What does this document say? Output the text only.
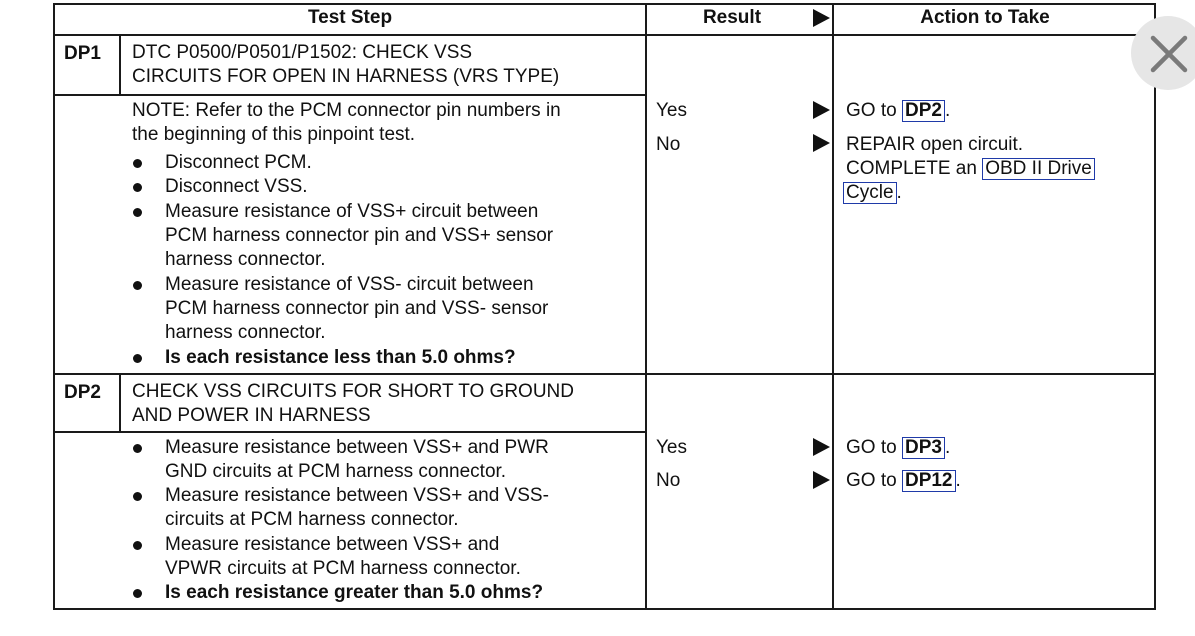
Test Step	Result	Action to Take
DP1 DTC P0500/P0501/P1502: CHECK VSS
CIRCUITS FOR OPEN IN HARNESS (VRS TYPE)
NOTE: Refer to the PCM connector pin numbers in
the beginning of this pinpoint test.
Disconnect PCM.
Disconnect VSS.
Measure resistance of VSS+ circuit between
PCM harness connector pin and VSS+ sensor
harness connector.
Measure resistance of VSS- circuit between
PCM harness connector pin and VSS- sensor
harness connector.
Is each resistance less than 5.0 ohms?
Yes
No
GO to DP2 .
REPAIR open circuit.
COMPLETE an OBD II Drive
Cycle .
DP2 CHECK VSS CIRCUITS FOR SHORT TO GROUND
AND POWER IN HARNESS
Measure resistance between VSS+ and PWR
GND circuits at PCM harness connector.
Measure resistance between VSS+ and VSS-
circuits at PCM harness connector.
Measure resistance between VSS+ and
VPWR circuits at PCM harness connector.
Is each resistance greater than 5.0 ohms?
Yes
No
GO to DP3 .
GO to DP12 .
